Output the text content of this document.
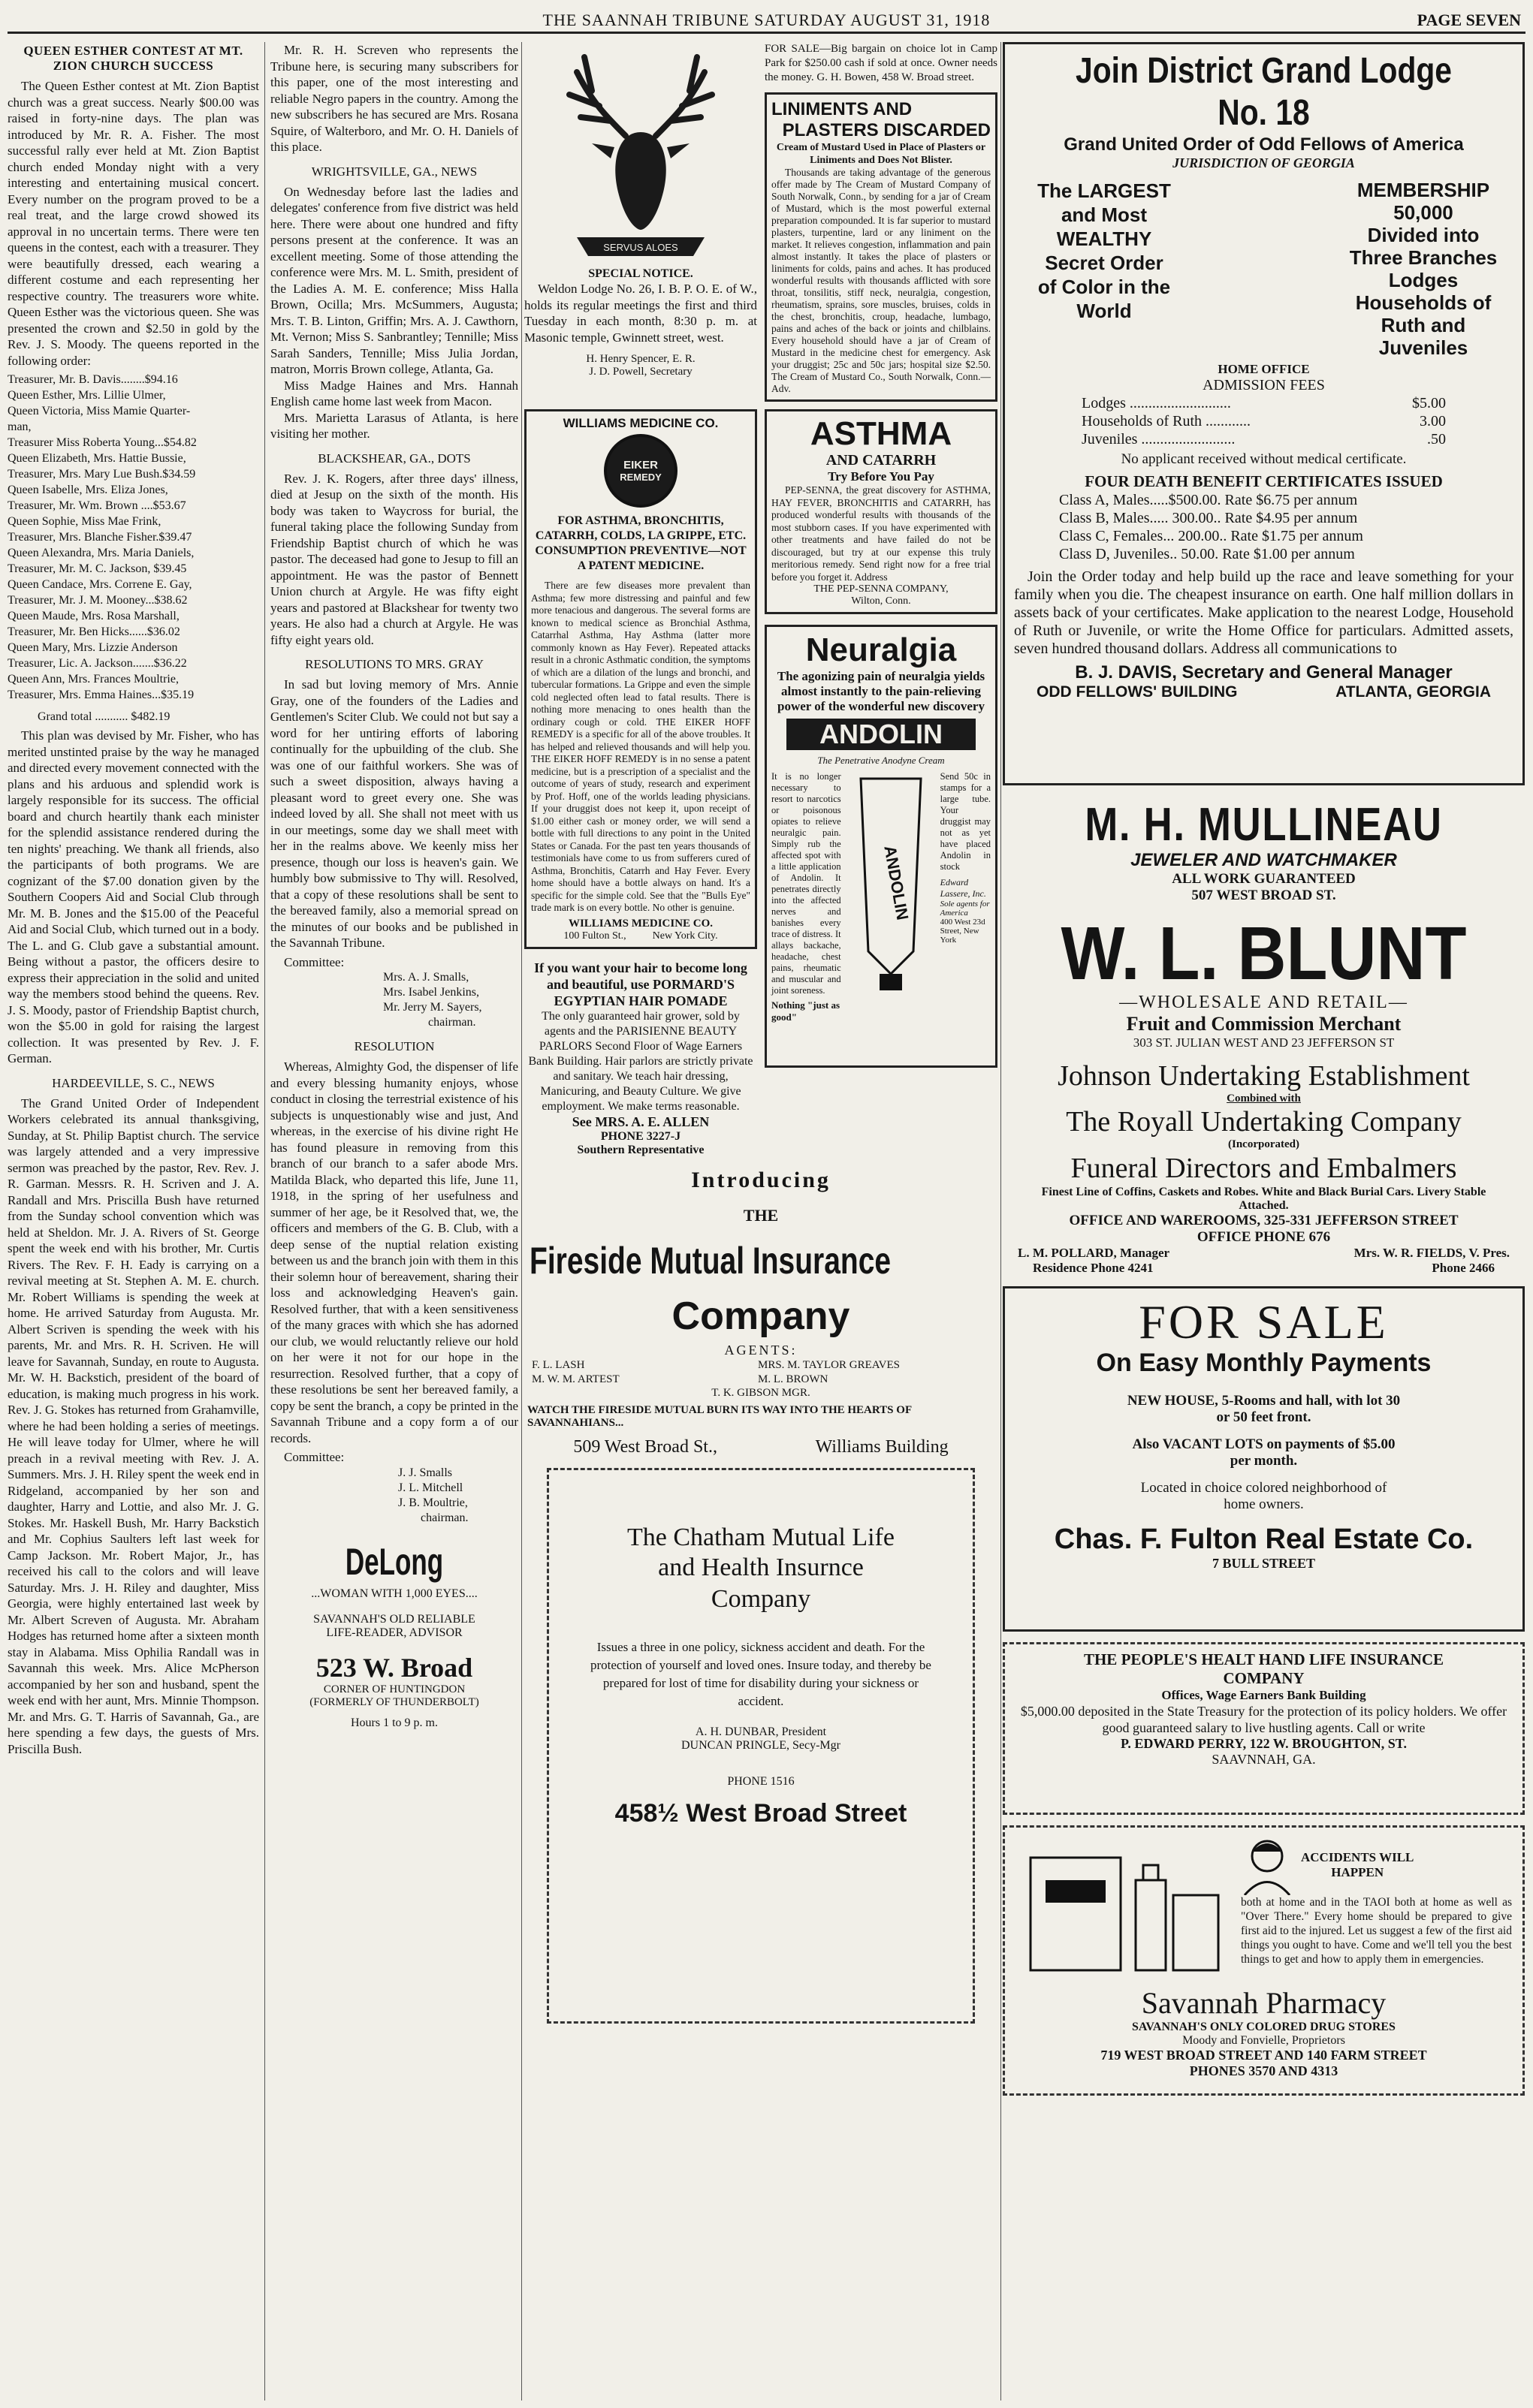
THE SAANNAH TRIBUNE SATURDAY AUGUST 31, 1918	PAGE SEVEN
QUEEN ESTHER CONTEST AT MT. ZION CHURCH SUCCESS

The Queen Esther contest at Mt. Zion Baptist church was a great success. Nearly $00.00 was raised in forty-nine days. The plan was introduced by Mr. R. A. Fisher. The most successful rally ever held at Mt. Zion Baptist church ended Monday night with a very interesting and entertaining musical concert. Every number on the program proved to be a real treat, and the large crowd showed its approval in no uncertain terms. There were ten queens in the contest, each with a treasurer. They were beautifully dressed, each wearing a different costume and each representing her respective country. The treasurers wore white. Queen Esther was the victorious queen. She was presented the crown and $2.50 in gold by the Rev. J. S. Moody. The queens reported in the following order:

Treasurer, Mr. B. Davis........$94.16

Queen Esther, Mrs. Lillie Ulmer,

Queen Victoria, Miss Mamie Quarter-

man,

Treasurer Miss Roberta Young...$54.82

Queen Elizabeth, Mrs. Hattie Bussie,

Treasurer, Mrs. Mary Lue Bush.$34.59

Queen Isabelle, Mrs. Eliza Jones,

Treasurer, Mr. Wm. Brown ....$53.67

Queen Sophie, Miss Mae Frink,

Treasurer, Mrs. Blanche Fisher.$39.47

Queen Alexandra, Mrs. Maria Daniels,

Treasurer, Mr. M. C. Jackson, $39.45

Queen Candace, Mrs. Correne E. Gay,

Treasurer, Mr. J. M. Mooney...$38.62

Queen Maude, Mrs. Rosa Marshall,

Treasurer, Mr. Ben Hicks......$36.02

Queen Mary, Mrs. Lizzie Anderson

Treasurer, Lic. A. Jackson.......$36.22

Queen Ann, Mrs. Frances Moultrie,

Treasurer, Mrs. Emma Haines...$35.19

Grand total ........... $482.19

This plan was devised by Mr. Fisher, who has merited unstinted praise by the way he managed and directed every movement connected with the plans and his arduous and splendid work is largely responsible for its success. The official board and church heartily thank each minister for the splendid assistance rendered during the ten nights' preaching. We thank all friends, also the participants of both programs. We are cognizant of the $7.00 donation given by the Southern Coopers Aid and Social Club through Mr. M. B. Jones and the $15.00 of the Peaceful Aid and Social Club, which turned out in a body. The L. and G. Club gave a substantial amount. Being without a pastor, the officers desire to express their appreciation in the solid and united way the members stood behind the queens. Rev. J. S. Moody, pastor of Friendship Baptist church, won the $5.00 in gold for raising the largest collection. It was presented by Rev. J. F. German.

HARDEEVILLE, S. C., NEWS

The Grand United Order of Independent Workers celebrated its annual thanksgiving, Sunday, at St. Philip Baptist church. The service was largely attended and a very impressive sermon was preached by the pastor, Rev. Rev. J. R. Garman. Messrs. R. H. Scriven and J. A. Randall and Mrs. Priscilla Bush have returned from the Sunday school convention which was held at Sheldon. Mr. J. A. Rivers of St. George spent the week end with his brother, Mr. Curtis Rivers. The Rev. F. H. Eady is carrying on a revival meeting at St. Stephen A. M. E. church. Mr. Robert Williams is spending the week at home. He arrived Saturday from Augusta. Mr. Albert Scriven is spending the week with his parents, Mr. and Mrs. R. H. Scriven. He will leave for Savannah, Sunday, en route to Augusta. Mr. W. H. Backstich, president of the board of education, is making much progress in his work. Rev. J. G. Stokes has returned from Grahamville, where he had been holding a series of meetings. He will leave today for Ulmer, where he will preach in a revival meeting with Rev. J. A. Summers. Mrs. J. H. Riley spent the week end in Ridgeland, accompanied by her son and daughter, Harry and Lottie, and also Mr. J. G. Stokes. Mr. Haskell Bush, Mr. Harry Backstich and Mr. Cophius Saulters left last week for Camp Jackson. Mr. Robert Major, Jr., has received his call to the colors and will leave Saturday. Mrs. J. H. Riley and daughter, Miss Georgia, were highly entertained last week by Mr. Albert Screven of Augusta. Mr. Abraham Hodges has returned home after a sixteen month stay in Alabama. Miss Ophilia Randall was in Savannah this week. Mrs. Alice McPherson accompanied by her son and husband, spent the week end with her aunt, Mrs. Minnie Thompson. Mr. and Mrs. G. T. Harris of Savannah, Ga., are here spending a few days, the guests of Mrs. Priscilla Bush.

Mr. R. H. Screven who represents the Tribune here, is securing many subscribers for this paper, one of the most interesting and reliable Negro papers in the country. Among the new subscribers he has secured are Mrs. Rosana Squire, of Walterboro, and Mr. O. H. Daniels of this place.

WRIGHTSVILLE, GA., NEWS

On Wednesday before last the ladies and delegates' conference from five district was held here. There were about one hundred and fifty persons present at the conference. It was an excellent meeting. Some of those attending the conference were Mrs. M. L. Smith, president of the Ladies A. M. E. conference; Miss Halla Brown, Ocilla; Mrs. McSummers, Augusta; Mrs. T. B. Linton, Griffin; Mrs. A. J. Cawthorn, Mt. Vernon; Miss S. Sanbrantley; Tennille; Miss Sarah Sanders, Tennille; Miss Julia Jordan, matron, Morris Brown college, Atlanta, Ga.

Miss Madge Haines and Mrs. Hannah English came home last week from Macon.

Mrs. Marietta Larasus of Atlanta, is here visiting her mother.

BLACKSHEAR, GA., DOTS

Rev. J. K. Rogers, after three days' illness, died at Jesup on the sixth of the month. His body was taken to Waycross for burial, the funeral taking place the following Sunday from Friendship Baptist church of which he was pastor. The deceased had gone to Jesup to fill an appointment. He was the pastor of Bennett Union church at Argyle. He was fifty eight years and pastored at Blackshear for twenty two years. He also had a church at Argyle. He was fifty eight years old.

RESOLUTIONS TO MRS. GRAY

In sad but loving memory of Mrs. Annie Gray, one of the founders of the Ladies and Gentlemen's Sciter Club. We could not but say a word for her untiring efforts of laboring continually for the upbuilding of the club. She was one of our faithful workers. She was of such a sweet disposition, always having a pleasant word to greet every one. She was indeed loved by all. She shall not meet with us in our meetings, some day we shall meet with her in the realms above. We keenly miss her presence, though our loss is heaven's gain. We humbly bow submissive to Thy will. Resolved, that a copy of these resolutions shall be sent to the bereaved family, also a memorial spread on the minutes of our books and be published in the Savannah Tribune.

Committee:

Mrs. A. J. Smalls,
Mrs. Isabel Jenkins,
Mr. Jerry M. Sayers,
chairman.
RESOLUTION

Whereas, Almighty God, the dispenser of life and every blessing humanity enjoys, whose conduct in closing the terrestrial existence of his subjects is unquestionably wise and just, And whereas, in the exercise of his divine right He has found pleasure in removing from this branch of our branch to a safer abode Mrs. Matilda Black, who departed this life, June 11, 1918, in the spring of her usefulness and summer of her age, be it Resolved that, we, the officers and members of the G. B. Club, with a deep sense of the nuptial relation existing between us and the branch join with them in this their solemn hour of bereavement, sharing their loss and acknowledging Heaven's gain. Resolved further, that with a keen sensitiveness of the many graces with which she has adorned our club, we would reluctantly relieve our hold on her were it not for our hope in the resurrection. Resolved further, that a copy of these resolutions be sent her bereaved family, a copy be sent the branch, a copy be printed in the Savannah Tribune and a copy form a of our records.

Committee:

J. J. Smalls
J. L. Mitchell
J. B. Moultrie,
chairman.
DeLong
...WOMAN WITH 1,000 EYES....
SAVANNAH'S OLD RELIABLE
LIFE-READER, ADVISOR
523 W. Broad
CORNER OF HUNTINGDON
(FORMERLY OF THUNDERBOLT)
Hours 1 to 9 p. m.
SERVUS ALOES
SPECIAL NOTICE.

Weldon Lodge No. 26, I. B. P. O. E. of W., holds its regular meetings the first and third Tuesday in each month, 8:30 p. m. at Masonic temple, Gwinnett street, west.

H. Henry Spencer, E. R.
J. D. Powell, Secretary

FOR SALE—Big bargain on choice lot in Camp Park for $250.00 cash if sold at once. Owner needs the money. G. H. Bowen, 458 W. Broad street.

LINIMENTS AND
PLASTERS DISCARDED
Cream of Mustard Used in Place of Plasters or Liniments and Does Not Blister.

Thousands are taking advantage of the generous offer made by The Cream of Mustard Company of South Norwalk, Conn., by sending for a jar of Cream of Mustard, which is the most powerful external preparation compounded. It is far superior to mustard plasters, turpentine, lard or any liniment on the market. It relieves congestion, inflammation and pain almost instantly. It takes the place of plasters or liniments for colds, pains and aches. It has produced wonderful results with thousands afflicted with sore throat, tonsilitis, stiff neck, neuralgia, congestion, rheumatism, sprains, sore muscles, bruises, colds in the chest, bronchitis, croup, headache, lumbago, pains and aches of the back or joints and chilblains. Every household should have a jar of Cream of Mustard in the medicine chest for emergency. Ask your druggist; 25c and 50c jars; hospital size $2.50. The Cream of Mustard Co., South Norwalk, Conn.—Adv.

WILLIAMS MEDICINE CO.
EIKER
REMEDY
FOR ASTHMA, BRONCHITIS, CATARRH, COLDS, LA GRIPPE, ETC. CONSUMPTION PREVENTIVE—NOT A PATENT MEDICINE.

There are few diseases more prevalent than Asthma; few more distressing and painful and few more tenacious and dangerous. The several forms are known to medical science as Bronchial Asthma, Catarrhal Asthma, Hay Asthma (latter more commonly known as Hay Fever). Repeated attacks result in a chronic Asthmatic condition, the symptoms of which are a dilation of the lungs and bronchi, and tubercular formations. La Grippe and even the simple cold neglected often lead to fatal results. There is nothing more menacing to ones health than the ordinary cough or cold. THE EIKER HOFF REMEDY is a specific for all of the above troubles. It has helped and relieved thousands and will help you. THE EIKER HOFF REMEDY is in no sense a patent medicine, but is a prescription of a specialist and the outcome of years of study, research and experiment by Prof. Hoff, one of the worlds leading physicians. If your druggist does not keep it, upon receipt of $1.00 either cash or money order, we will send a bottle with full directions to any point in the United States or Canada. For the past ten years thousands of testimonials have come to us from sufferers cured of Asthma, Bronchitis, Catarrh and Hay Fever. Every home should have a bottle always on hand. It's a specific for the simple cold. See that the "Bulls Eye" trade mark is on every bottle. No other is genuine.

WILLIAMS MEDICINE CO.
100 Fulton St.,          New York City.
If you want your hair to become long and beautiful, use PORMARD'S EGYPTIAN HAIR POMADE

The only guaranteed hair grower, sold by agents and the PARISIENNE BEAUTY PARLORS Second Floor of Wage Earners Bank Building. Hair parlors are strictly private and sanitary. We teach hair dressing, Manicuring, and Beauty Culture. We give employment. We make terms reasonable.

See MRS. A. E. ALLEN
PHONE 3227-J
Southern Representative
ASTHMA
AND CATARRH
Try Before You Pay

PEP-SENNA, the great discovery for ASTHMA, HAY FEVER, BRONCHITIS and CATARRH, has produced wonderful results with thousands of the most stubborn cases. If you have experimented with other treatments and have failed do not be discouraged, but try at our expense this truly meritorious remedy. Send right now for a free trial before you forget it. Address

THE PEP-SENNA COMPANY,
Wilton, Conn.
Neuralgia
The agonizing pain of neuralgia yields almost instantly to the pain-relieving power of the wonderful new discovery
ANDOLIN
The Penetrative Anodyne Cream

It is no longer necessary to resort to narcotics or poisonous opiates to relieve neuralgic pain. Simply rub the affected spot with a little application of Andolin. It penetrates directly into the affected nerves and banishes every trace of distress. It allays backache, headache, chest pains, rheumatic and muscular and joint soreness.

Nothing "just as good"
ANDOLIN

Send 50c in stamps for a large tube. Your druggist may not as yet have placed Andolin in stock

Edward Lassere, Inc.
Sole agents for America
400 West 23d Street, New York
Introducing
THE Fireside Mutual Insurance
Company
AGENTS:
F. L. LASH
M. W. M. ARTEST
MRS. M. TAYLOR GREAVES
M. L. BROWN
T. K. GIBSON MGR.
WATCH THE FIRESIDE MUTUAL BURN ITS WAY INTO THE HEARTS OF SAVANNAHIANS...
509 West Broad St.,	Williams Building
The Chatham Mutual Life
and Health Insurnce
Company

Issues a three in one policy, sickness accident and death. For the protection of yourself and loved ones. Insure today, and thereby be prepared for lost of time for disability during your sickness or accident.

A. H. DUNBAR, President
DUNCAN PRINGLE, Secy-Mgr
PHONE 1516
458½ West Broad Street
Join District Grand Lodge No. 18
Grand United Order of Odd Fellows of America
JURISDICTION OF GEORGIA
The LARGEST
and Most
WEALTHY
Secret Order
of Color in the
World
MEMBERSHIP
50,000
Divided into
Three Branches
Lodges
Households of
Ruth and
Juveniles
HOME OFFICE
ADMISSION FEES
Lodges ...........................	$5.00
Households of Ruth ............	3.00
Juveniles .........................	.50
No applicant received without medical certificate.
FOUR DEATH BENEFIT CERTIFICATES ISSUED
Class A, Males.....$500.00. Rate $6.75 per annum
Class B, Males..... 300.00.. Rate $4.95 per annum
Class C, Females... 200.00.. Rate $1.75 per annum
Class D, Juveniles.. 50.00. Rate $1.00 per annum

Join the Order today and help build up the race and leave something for your family when you die. The cheapest insurance on earth. One half million dollars in assets back of your certificates. Make application to the nearest Lodge, Household of Ruth or Juvenile, or write the Home Office for particulars. Admitted assets, seven hundred thousand dollars. Address all communications to

B. J. DAVIS, Secretary and General Manager
ODD FELLOWS' BUILDING	ATLANTA, GEORGIA
M. H. MULLINEAU
JEWELER AND WATCHMAKER
ALL WORK GUARANTEED
507 WEST BROAD ST.
W. L. BLUNT
—WHOLESALE AND RETAIL—
Fruit and Commission Merchant
303 ST. JULIAN WEST AND 23 JEFFERSON ST
Johnson Undertaking Establishment
Combined with
The Royall Undertaking Company
(Incorporated)
Funeral Directors and Embalmers
Finest Line of Coffins, Caskets and Robes. White and Black Burial Cars. Livery Stable Attached.
OFFICE AND WAREROOMS, 325-331 JEFFERSON STREET
OFFICE PHONE 676
L. M. POLLARD, Manager	Mrs. W. R. FIELDS, V. Pres.
Residence Phone 4241	Phone 2466
FOR SALE
On Easy Monthly Payments
NEW HOUSE, 5-Rooms and hall, with lot 30 or 50 feet front.
Also VACANT LOTS on payments of $5.00 per month.
Located in choice colored neighborhood of home owners.
Chas. F. Fulton Real Estate Co.
7 BULL STREET
THE PEOPLE'S HEALT HAND LIFE INSURANCE
COMPANY
Offices, Wage Earners Bank Building

$5,000.00 deposited in the State Treasury for the protection of its policy holders. We offer good guaranteed salary to live hustling agents. Call or write

P. EDWARD PERRY, 122 W. BROUGHTON, ST.
SAAVNNAH, GA.
ACCIDENTS WILL
HAPPEN

both at home and in the TAOI both at home as well as "Over There." Every home should be prepared to give first aid to the injured. Let us suggest a few of the first aid things you ought to have. Come and we'll tell you the best things to get and how to apply them in emergencies.

Savannah Pharmacy
SAVANNAH'S ONLY COLORED DRUG STORES
Moody and Fonvielle, Proprietors
719 WEST BROAD STREET AND 140 FARM STREET
PHONES 3570 AND 4313
